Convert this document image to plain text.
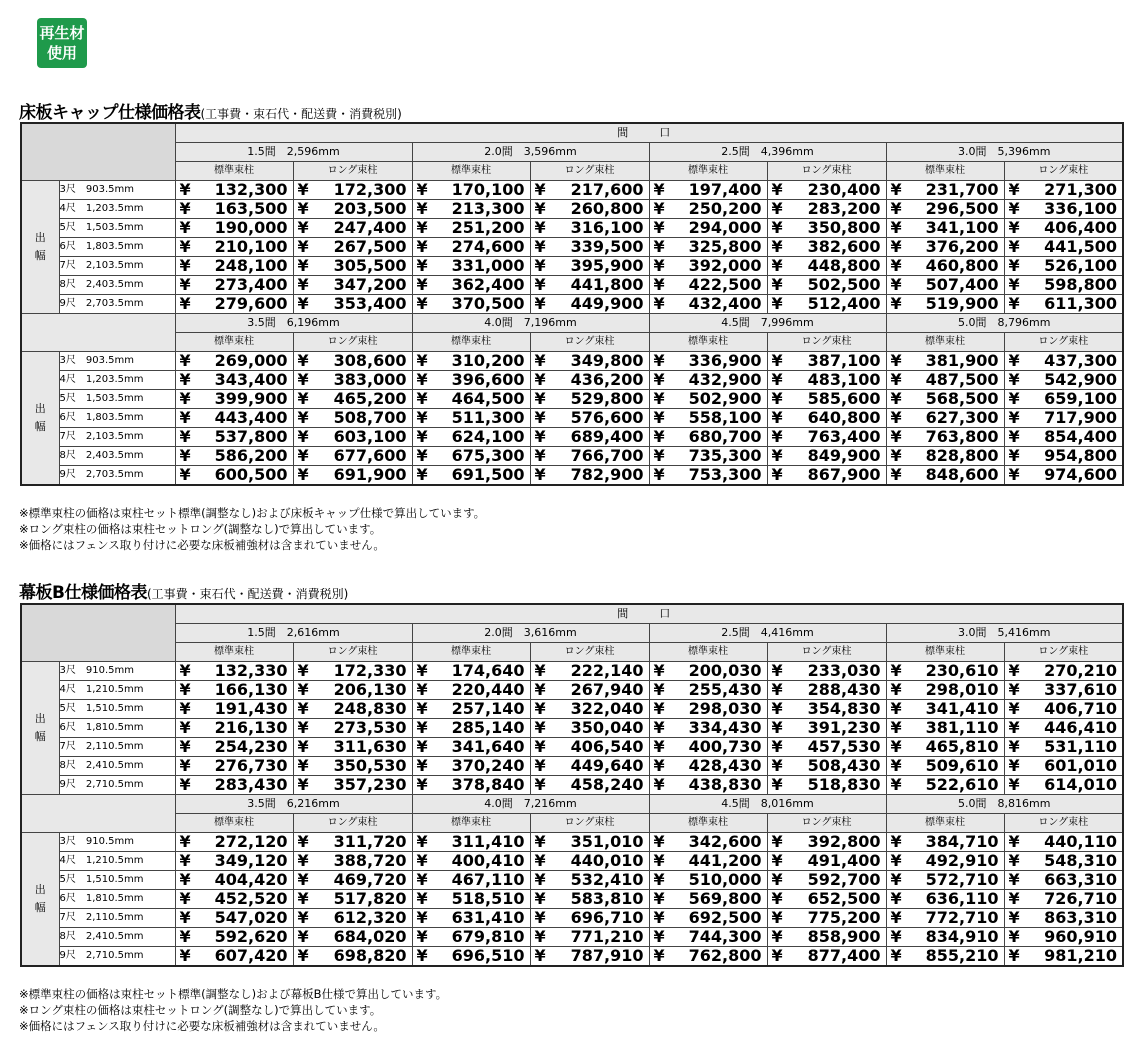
再生材
使用
床板キャップ仕様価格表(工事費・束石代・配送費・消費税別)
		間　口							
		1.5間　2,596mm		2.0間　3,596mm		2.5間　4,396mm		3.0間　5,396mm	
		標準束柱	ロング束柱	標準束柱	ロング束柱	標準束柱	ロング束柱	標準束柱	ロング束柱
出
幅	3尺　903.5mm	¥ 132,300	¥ 172,300	¥ 170,100	¥ 217,600	¥ 197,400	¥ 230,400	¥ 231,700	¥ 271,300

	4尺　1,203.5mm	¥ 163,500	¥ 203,500	¥ 213,300	¥ 260,800	¥ 250,200	¥ 283,200	¥ 296,500	¥ 336,100

	5尺　1,503.5mm	¥ 190,000	¥ 247,400	¥ 251,200	¥ 316,100	¥ 294,000	¥ 350,800	¥ 341,100	¥ 406,400

	6尺　1,803.5mm	¥ 210,100	¥ 267,500	¥ 274,600	¥ 339,500	¥ 325,800	¥ 382,600	¥ 376,200	¥ 441,500

	7尺　2,103.5mm	¥ 248,100	¥ 305,500	¥ 331,000	¥ 395,900	¥ 392,000	¥ 448,800	¥ 460,800	¥ 526,100

	8尺　2,403.5mm	¥ 273,400	¥ 347,200	¥ 362,400	¥ 441,800	¥ 422,500	¥ 502,500	¥ 507,400	¥ 598,800

	9尺　2,703.5mm	¥ 279,600	¥ 353,400	¥ 370,500	¥ 449,900	¥ 432,400	¥ 512,400	¥ 519,900	¥ 611,300

		3.5間　6,196mm		4.0間　7,196mm		4.5間　7,996mm		5.0間　8,796mm	
		標準束柱	ロング束柱	標準束柱	ロング束柱	標準束柱	ロング束柱	標準束柱	ロング束柱
出
幅	3尺　903.5mm	¥ 269,000	¥ 308,600	¥ 310,200	¥ 349,800	¥ 336,900	¥ 387,100	¥ 381,900	¥ 437,300

	4尺　1,203.5mm	¥ 343,400	¥ 383,000	¥ 396,600	¥ 436,200	¥ 432,900	¥ 483,100	¥ 487,500	¥ 542,900

	5尺　1,503.5mm	¥ 399,900	¥ 465,200	¥ 464,500	¥ 529,800	¥ 502,900	¥ 585,600	¥ 568,500	¥ 659,100

	6尺　1,803.5mm	¥ 443,400	¥ 508,700	¥ 511,300	¥ 576,600	¥ 558,100	¥ 640,800	¥ 627,300	¥ 717,900

	7尺　2,103.5mm	¥ 537,800	¥ 603,100	¥ 624,100	¥ 689,400	¥ 680,700	¥ 763,400	¥ 763,800	¥ 854,400

	8尺　2,403.5mm	¥ 586,200	¥ 677,600	¥ 675,300	¥ 766,700	¥ 735,300	¥ 849,900	¥ 828,800	¥ 954,800

	9尺　2,703.5mm	¥ 600,500	¥ 691,900	¥ 691,500	¥ 782,900	¥ 753,300	¥ 867,900	¥ 848,600	¥ 974,600
※標準束柱の価格は束柱セット標準(調整なし)および床板キャップ仕様で算出しています。
※ロング束柱の価格は束柱セットロング(調整なし)で算出しています。
※価格にはフェンス取り付けに必要な床板補強材は含まれていません。
幕板B仕様価格表(工事費・束石代・配送費・消費税別)
		間　口							
		1.5間　2,616mm		2.0間　3,616mm		2.5間　4,416mm		3.0間　5,416mm	
		標準束柱	ロング束柱	標準束柱	ロング束柱	標準束柱	ロング束柱	標準束柱	ロング束柱
出
幅	3尺　910.5mm	¥ 132,330	¥ 172,330	¥ 174,640	¥ 222,140	¥ 200,030	¥ 233,030	¥ 230,610	¥ 270,210

	4尺　1,210.5mm	¥ 166,130	¥ 206,130	¥ 220,440	¥ 267,940	¥ 255,430	¥ 288,430	¥ 298,010	¥ 337,610

	5尺　1,510.5mm	¥ 191,430	¥ 248,830	¥ 257,140	¥ 322,040	¥ 298,030	¥ 354,830	¥ 341,410	¥ 406,710

	6尺　1,810.5mm	¥ 216,130	¥ 273,530	¥ 285,140	¥ 350,040	¥ 334,430	¥ 391,230	¥ 381,110	¥ 446,410

	7尺　2,110.5mm	¥ 254,230	¥ 311,630	¥ 341,640	¥ 406,540	¥ 400,730	¥ 457,530	¥ 465,810	¥ 531,110

	8尺　2,410.5mm	¥ 276,730	¥ 350,530	¥ 370,240	¥ 449,640	¥ 428,430	¥ 508,430	¥ 509,610	¥ 601,010

	9尺　2,710.5mm	¥ 283,430	¥ 357,230	¥ 378,840	¥ 458,240	¥ 438,830	¥ 518,830	¥ 522,610	¥ 614,010

		3.5間　6,216mm		4.0間　7,216mm		4.5間　8,016mm		5.0間　8,816mm	
		標準束柱	ロング束柱	標準束柱	ロング束柱	標準束柱	ロング束柱	標準束柱	ロング束柱
出
幅	3尺　910.5mm	¥ 272,120	¥ 311,720	¥ 311,410	¥ 351,010	¥ 342,600	¥ 392,800	¥ 384,710	¥ 440,110

	4尺　1,210.5mm	¥ 349,120	¥ 388,720	¥ 400,410	¥ 440,010	¥ 441,200	¥ 491,400	¥ 492,910	¥ 548,310

	5尺　1,510.5mm	¥ 404,420	¥ 469,720	¥ 467,110	¥ 532,410	¥ 510,000	¥ 592,700	¥ 572,710	¥ 663,310

	6尺　1,810.5mm	¥ 452,520	¥ 517,820	¥ 518,510	¥ 583,810	¥ 569,800	¥ 652,500	¥ 636,110	¥ 726,710

	7尺　2,110.5mm	¥ 547,020	¥ 612,320	¥ 631,410	¥ 696,710	¥ 692,500	¥ 775,200	¥ 772,710	¥ 863,310

	8尺　2,410.5mm	¥ 592,620	¥ 684,020	¥ 679,810	¥ 771,210	¥ 744,300	¥ 858,900	¥ 834,910	¥ 960,910

	9尺　2,710.5mm	¥ 607,420	¥ 698,820	¥ 696,510	¥ 787,910	¥ 762,800	¥ 877,400	¥ 855,210	¥ 981,210
※標準束柱の価格は束柱セット標準(調整なし)および幕板B仕様で算出しています。
※ロング束柱の価格は束柱セットロング(調整なし)で算出しています。
※価格にはフェンス取り付けに必要な床板補強材は含まれていません。
